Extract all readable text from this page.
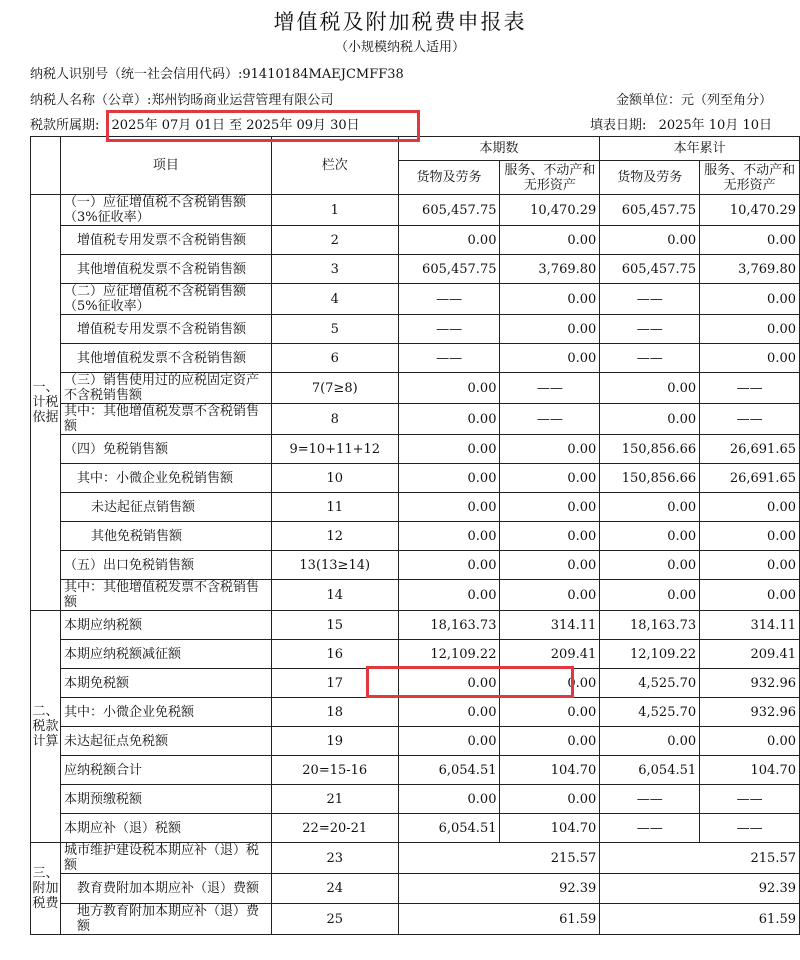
增值税及附加税费申报表
（小规模纳税人适用）
纳税人识别号（统一社会信用代码）:91410184MAEJCMFF38
纳税人名称（公章）:郑州钧旸商业运营管理有限公司	金额单位：元（列至角分）
税款所属期: 2025年 07月 01日 至 2025年 09月 30日	填表日期: 2025年 10月 10日
	项目	栏次	本期数		本年累计	
			货物及劳务	服务、不动产和无形资产	货物及劳务	服务、不动产和无形资产
一、计税依据	（一）应征增值税不含税销售额（3%征收率）	1	605,457.75	10,470.29	605,457.75	10,470.29
	增值税专用发票不含税销售额	2	0.00	0.00	0.00	0.00
	其他增值税发票不含税销售额	3	605,457.75	3,769.80	605,457.75	3,769.80
	（二）应征增值税不含税销售额（5%征收率）	4	——	0.00	——	0.00
	增值税专用发票不含税销售额	5	——	0.00	——	0.00
	其他增值税发票不含税销售额	6	——	0.00	——	0.00
	（三）销售使用过的应税固定资产不含税销售额	7(7≥8)	0.00	——	0.00	——
	其中：其他增值税发票不含税销售额	8	0.00	——	0.00	——
	（四）免税销售额	9=10+11+12	0.00	0.00	150,856.66	26,691.65
	其中：小微企业免税销售额	10	0.00	0.00	150,856.66	26,691.65
	未达起征点销售额	11	0.00	0.00	0.00	0.00
	其他免税销售额	12	0.00	0.00	0.00	0.00
	（五）出口免税销售额	13(13≥14)	0.00	0.00	0.00	0.00
	其中：其他增值税发票不含税销售额	14	0.00	0.00	0.00	0.00
二、税款计算	本期应纳税额	15	18,163.73	314.11	18,163.73	314.11
	本期应纳税额减征额	16	12,109.22	209.41	12,109.22	209.41
	本期免税额	17	0.00	0.00	4,525.70	932.96
	其中：小微企业免税额	18	0.00	0.00	4,525.70	932.96
	未达起征点免税额	19	0.00	0.00	0.00	0.00
	应纳税额合计	20=15-16	6,054.51	104.70	6,054.51	104.70
	本期预缴税额	21	0.00	0.00	——	——
	本期应补（退）税额	22=20-21	6,054.51	104.70	——	——
三、附加税费	城市维护建设税本期应补（退）税额	23	215.57		215.57	
	教育费附加本期应补（退）费额	24	92.39		92.39	
	地方教育附加本期应补（退）费额	25	61.59		61.59	
